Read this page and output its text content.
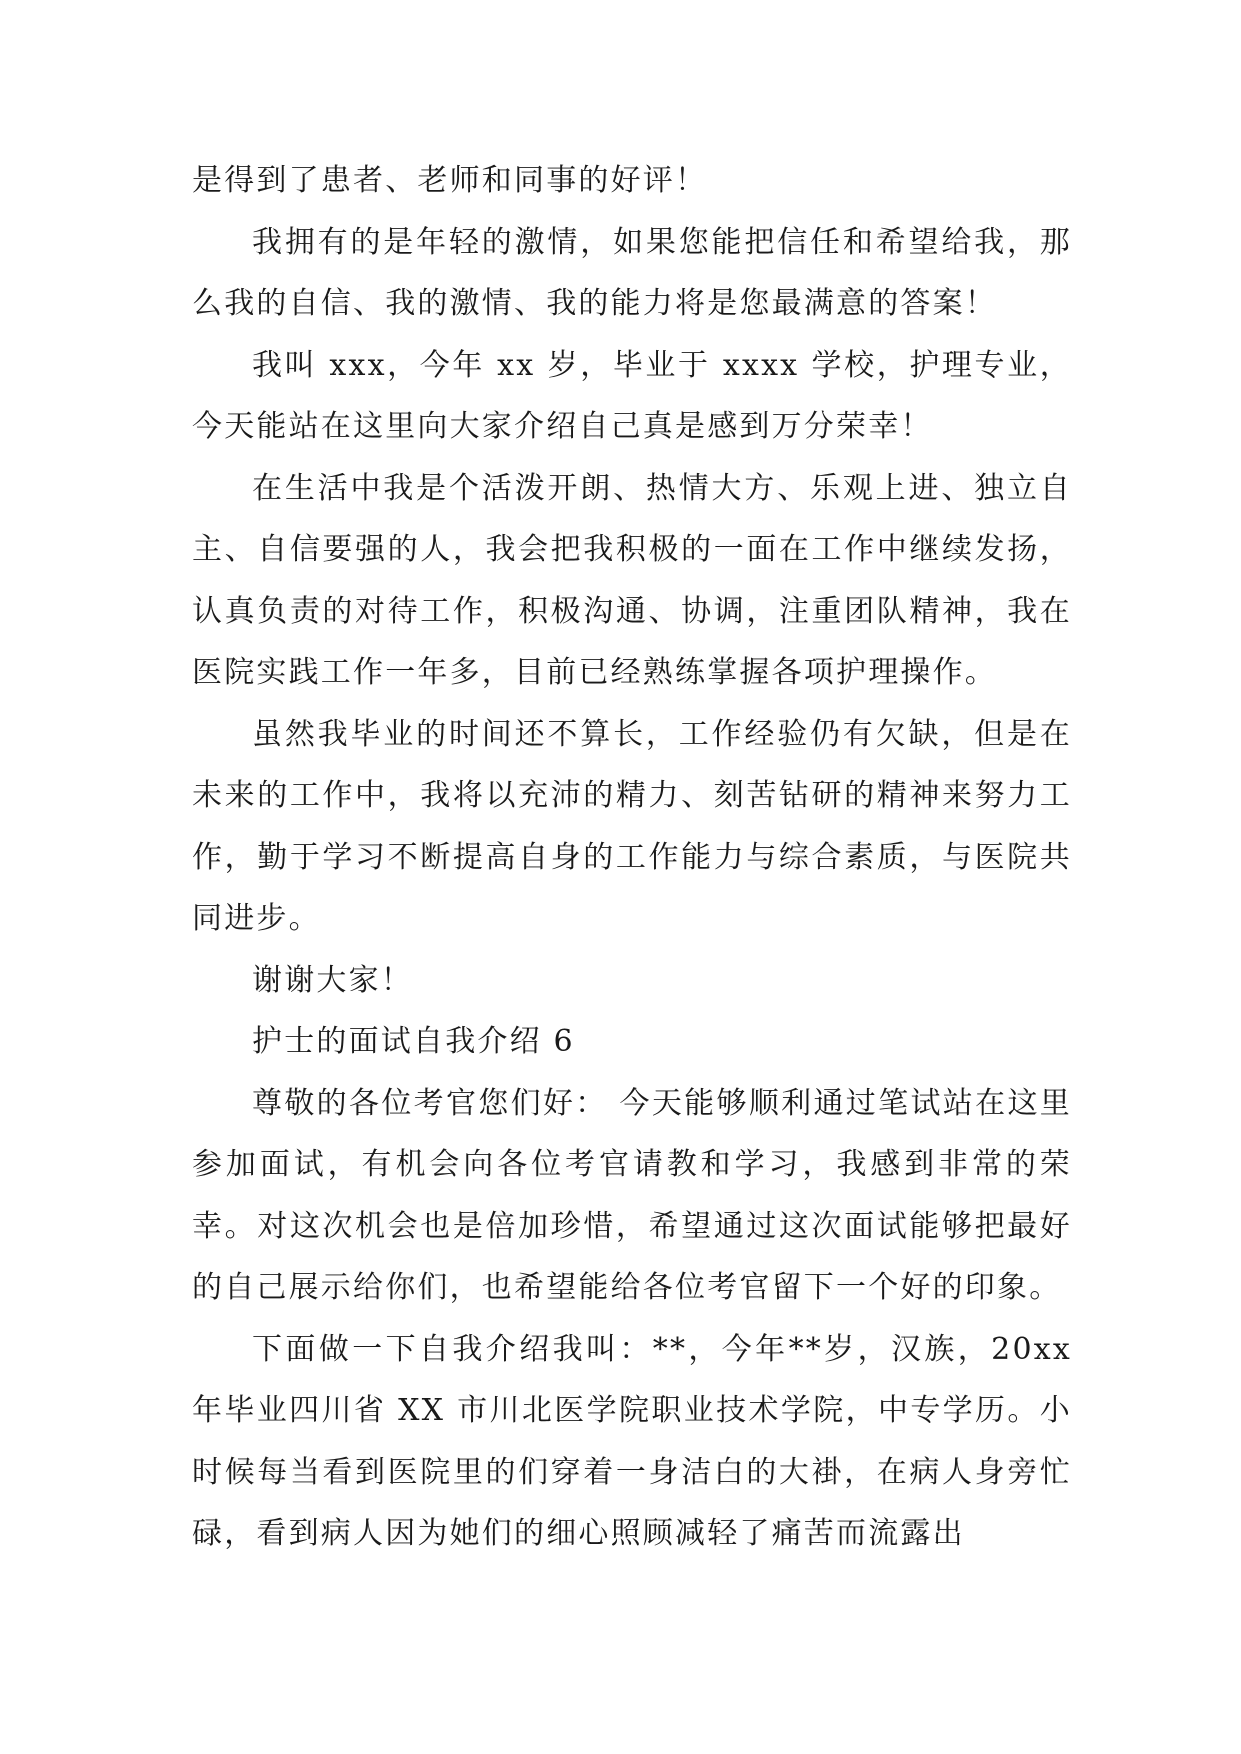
是得到了患者、老师和同事的好评！

我拥有的是年轻的激情，如果您能把信任和希望给我，那么我的自信、我的激情、我的能力将是您最满意的答案！

我叫 xxx，今年 xx 岁，毕业于 xxxx 学校，护理专业，今天能站在这里向大家介绍自己真是感到万分荣幸！

在生活中我是个活泼开朗、热情大方、乐观上进、独立自主、自信要强的人，我会把我积极的一面在工作中继续发扬，认真负责的对待工作，积极沟通、协调，注重团队精神，我在医院实践工作一年多，目前已经熟练掌握各项护理操作。

虽然我毕业的时间还不算长，工作经验仍有欠缺，但是在未来的工作中，我将以充沛的精力、刻苦钻研的精神来努力工作，勤于学习不断提高自身的工作能力与综合素质，与医院共同进步。

谢谢大家！

护士的面试自我介绍 6

尊敬的各位考官您们好： 今天能够顺利通过笔试站在这里参加面试，有机会向各位考官请教和学习，我感到非常的荣幸。对这次机会也是倍加珍惜，希望通过这次面试能够把最好的自己展示给你们，也希望能给各位考官留下一个好的印象。

下面做一下自我介绍我叫：**，今年**岁，汉族，20xx 年毕业四川省 XX 市川北医学院职业技术学院，中专学历。小时候每当看到医院里的们穿着一身洁白的大褂，在病人身旁忙碌，看到病人因为她们的细心照顾减轻了痛苦而流露出
